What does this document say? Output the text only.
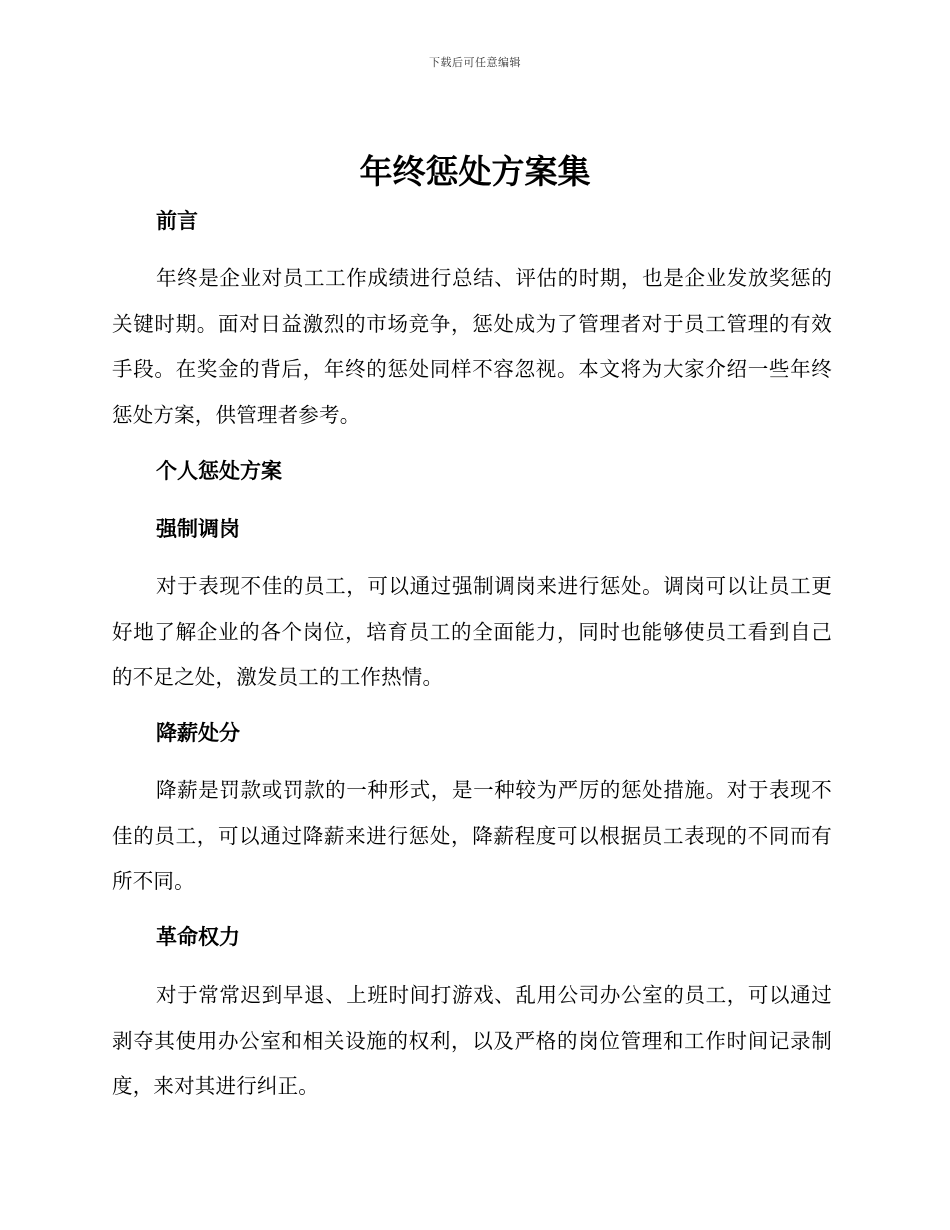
下载后可任意编辑
年终惩处方案集
前言

年终是企业对员工工作成绩进行总结、评估的时期，也是企业发放奖惩的关键时期。面对日益激烈的市场竞争，惩处成为了管理者对于员工管理的有效手段。在奖金的背后，年终的惩处同样不容忽视。本文将为大家介绍一些年终惩处方案，供管理者参考。

个人惩处方案
强制调岗

对于表现不佳的员工，可以通过强制调岗来进行惩处。调岗可以让员工更好地了解企业的各个岗位，培育员工的全面能力，同时也能够使员工看到自己的不足之处，激发员工的工作热情。

降薪处分

降薪是罚款或罚款的一种形式，是一种较为严厉的惩处措施。对于表现不佳的员工，可以通过降薪来进行惩处，降薪程度可以根据员工表现的不同而有所不同。

革命权力

对于常常迟到早退、上班时间打游戏、乱用公司办公室的员工，可以通过剥夺其使用办公室和相关设施的权利，以及严格的岗位管理和工作时间记录制度，来对其进行纠正。
